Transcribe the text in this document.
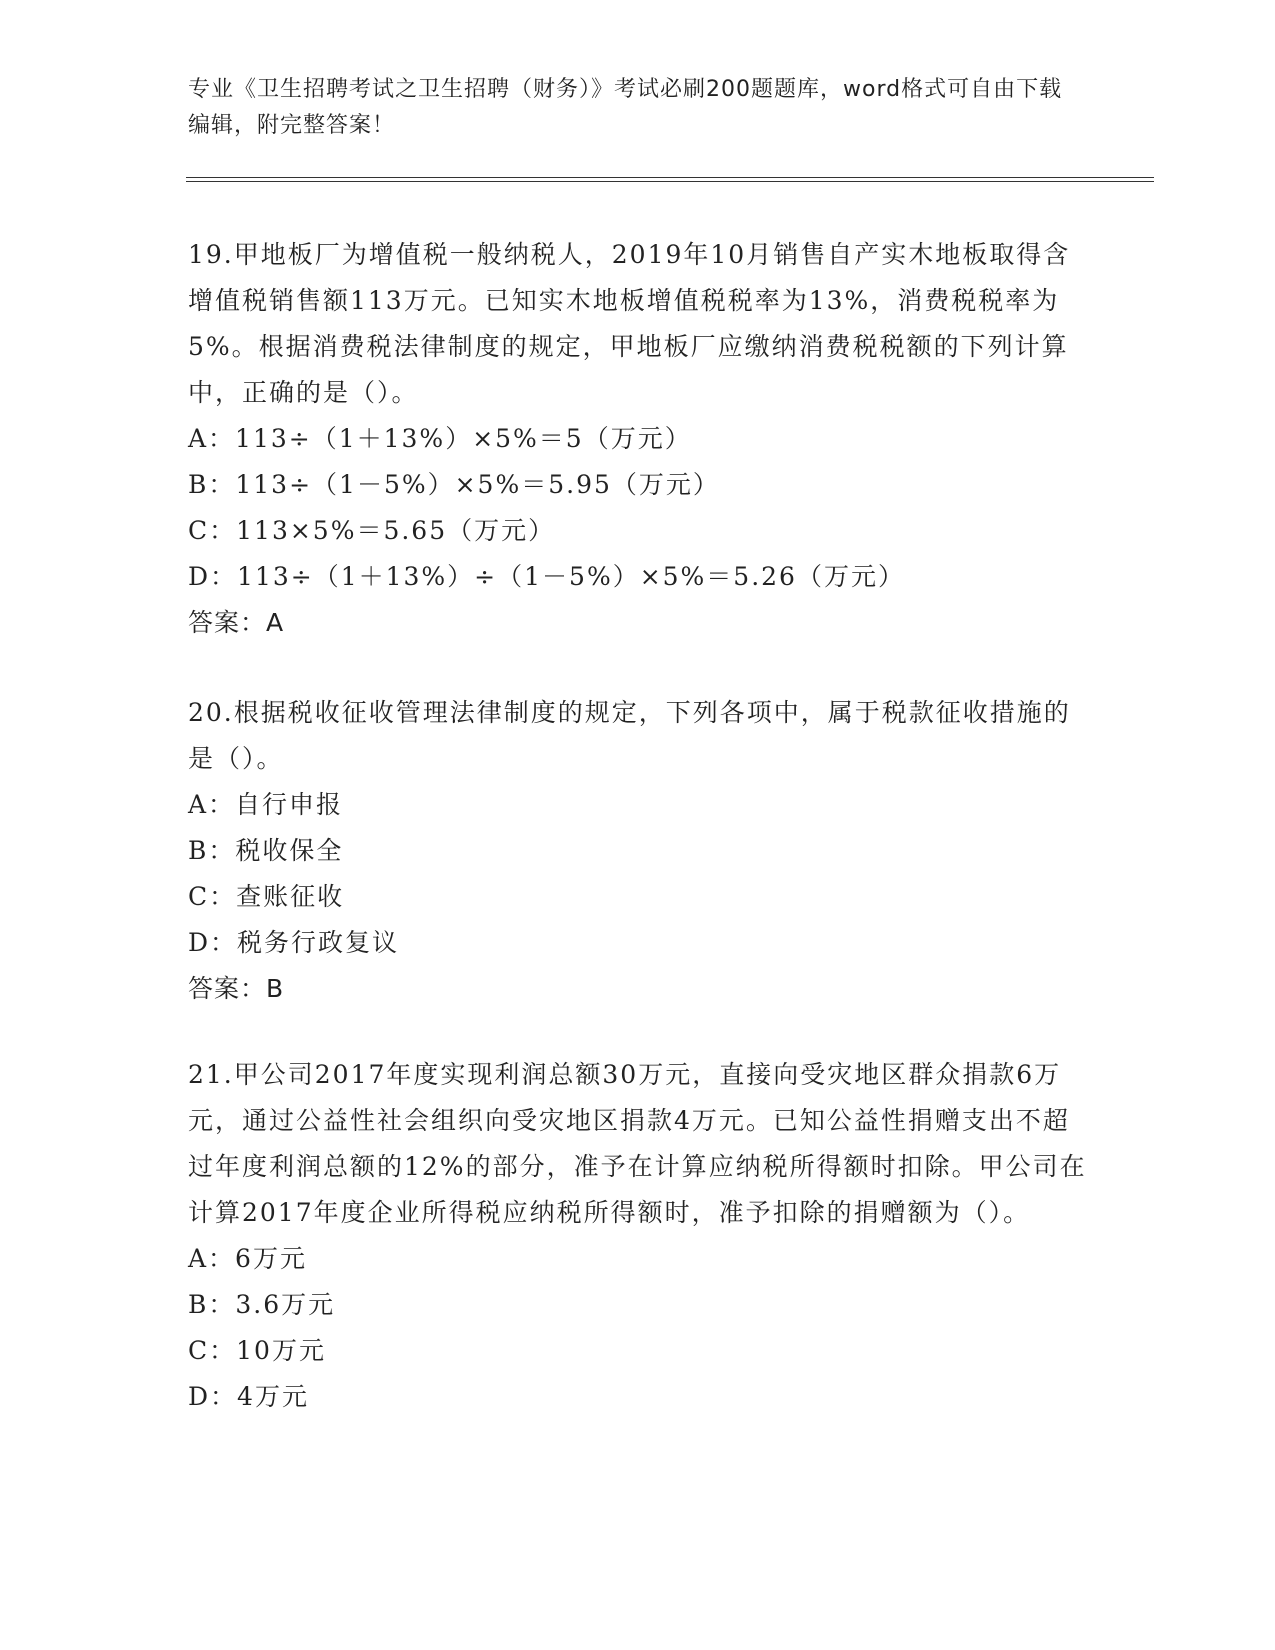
专业《卫生招聘考试之卫生招聘（财务）》考试必刷200题题库，word格式可自由下载编辑，附完整答案！

19.甲地板厂为增值税一般纳税人，2019年10月销售自产实木地板取得含增值税销售额113万元。已知实木地板增值税税率为13%，消费税税率为5%。根据消费税法律制度的规定，甲地板厂应缴纳消费税税额的下列计算中，正确的是（）。

A：113÷（1＋13%）×5%＝5（万元）

B：113÷（1－5%）×5%＝5.95（万元）

C：113×5%＝5.65（万元）

D：113÷（1＋13%）÷（1－5%）×5%＝5.26（万元）

答案：A

20.根据税收征收管理法律制度的规定，下列各项中，属于税款征收措施的是（）。

A：自行申报

B：税收保全

C：查账征收

D：税务行政复议

答案：B

21.甲公司2017年度实现利润总额30万元，直接向受灾地区群众捐款6万元，通过公益性社会组织向受灾地区捐款4万元。已知公益性捐赠支出不超过年度利润总额的12%的部分，准予在计算应纳税所得额时扣除。甲公司在计算2017年度企业所得税应纳税所得额时，准予扣除的捐赠额为（）。

A：6万元

B：3.6万元

C：10万元

D：4万元
